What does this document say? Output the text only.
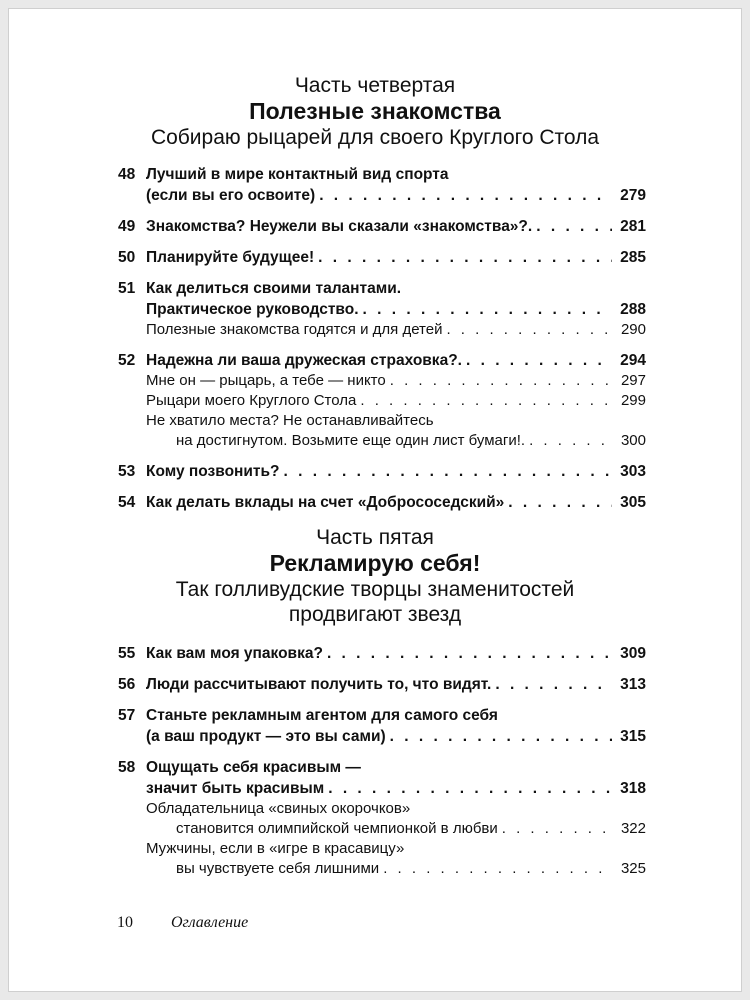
Часть четвертая
Полезные знакомства
Собираю рыцарей для своего Круглого Стола
48 Лучший в мире контактный вид спорта
(если вы его освоите) . . .	279
49 Знакомства? Неужели вы сказали «знакомства»?. . . .	281
50 Планируйте будущее! . . .	285
51 Как делиться своими талантами.
Практическое руководство. . . .	288
Полезные знакомства годятся и для детей . . .	290
52 Надежна ли ваша дружеская страховка?. . . .	294
Мне он — рыцарь, а тебе — никто . . .	297
Рыцари моего Круглого Стола . . .	299
Не хватило места? Не останавливайтесь
на достигнутом. Возьмите еще один лист бумаги!. . . .	300
53 Кому позвонить? . . .	303
54 Как делать вклады на счет «Добрососедский» . . .	305
Часть пятая
Рекламирую себя!
Так голливудские творцы знаменитостей
продвигают звезд
55 Как вам моя упаковка? . . .	309
56 Люди рассчитывают получить то, что видят. . . .	313
57 Станьте рекламным агентом для самого себя
(а ваш продукт — это вы сами) . . .	315
58 Ощущать себя красивым —
значит быть красивым . . .	318
Обладательница «свиных окорочков»
становится олимпийской чемпионкой в любви . . .	322
Мужчины, если в «игре в красавицу»
вы чувствуете себя лишними . . .	325
10 Оглавление
